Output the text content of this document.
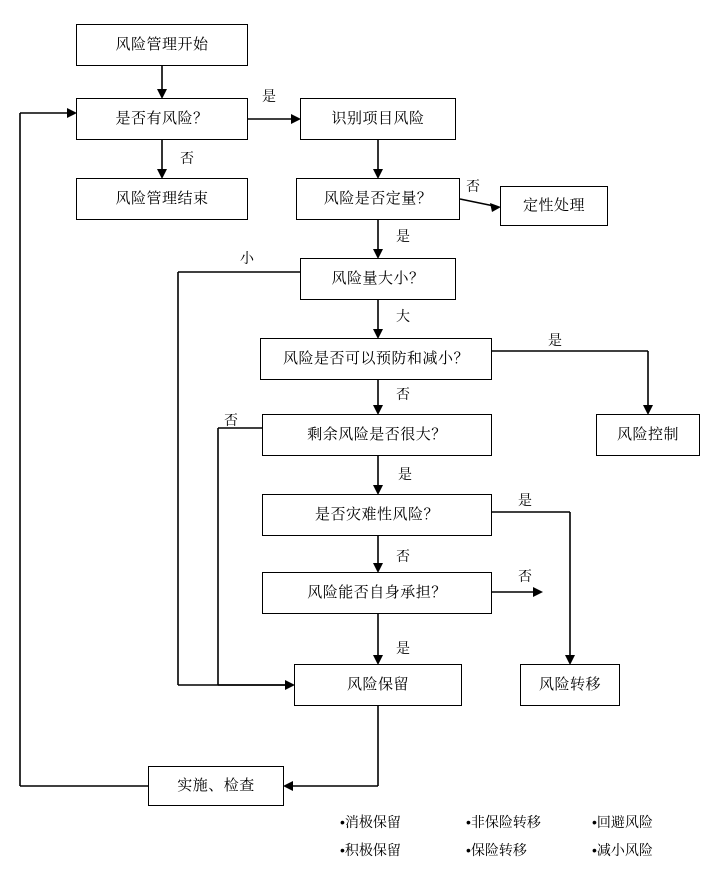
风险管理开始
是否有风险？	识别项目风险
风险管理结束	风险是否定量？	定性处理
风险量大小？
风险是否可以预防和减小？
风险控制
剩余风险是否很大？
是否灾难性风险？
风险能否自身承担？
风险保留	风险转移
实施、检查
是
否
否
是
小
大
是
否
否
是
是
否
否
是
•消极保留	•非保险转移	•回避风险
•积极保留	•保险转移	•减小风险
